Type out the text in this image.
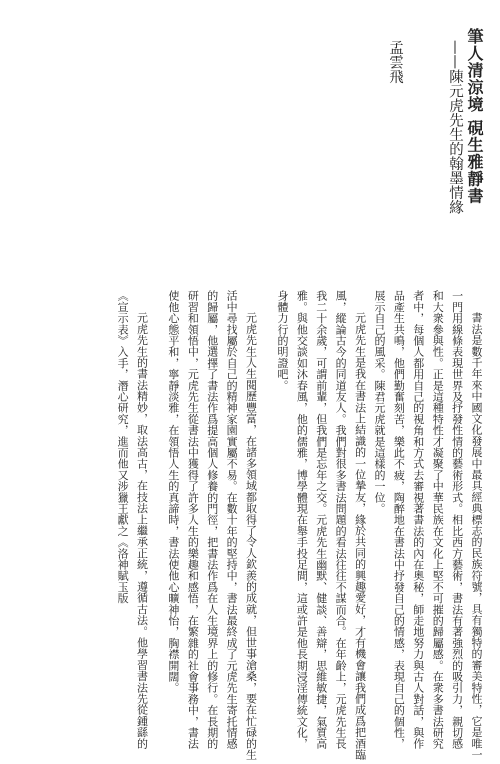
筆人清涼境 硯生雅靜書
——陳元虎先生的翰墨情緣
孟雲飛

書法是數千年來中國文化發展中最具經典標志的民族符號，具有獨特的審美特性，它是唯一一門用線條表現世界及抒發性情的藝術形式。相比西方藝術，書法有著強烈的吸引力，親切感和大衆參與性。正是這種特性才凝聚了中華民族在文化上堅不可摧的歸屬感。在衆多書法研究者中，每個人都用自己的視角和方式去審視著書法的內在奧秘，師走地努力與古人對話，與作品產生共鳴，他們勤奮刻苦，樂此不疲，陶醉地在書法中抒發自己的情感，表現自己的個性，展示自己的風采。陳君元虎就是這樣的一位。

元虎先生是我在書法上結識的一位摯友，緣於共同的興趣愛好，才有機會讓我們成爲把酒臨風，縱論古今的同道友人。我們對很多書法問題的看法往往不謀而合。在年齡上，元虎先生長我二十余歲，可謂前輩，但我們是忘年之交。元虎先生幽默、健談、善辯，思維敏捷，氣質高雅。與他交談如沐春風，他的儒雅，博學體現在舉手投足間，這或許是他長期浸淫傳統文化，身體力行的明證吧。

元虎先生人生閱歷豐富，在諸多領域都取得了令人欽羨的成就，但世事滄桑，要在忙碌的生活中尋找屬於自己的精神家園實屬不易。在數十年的堅持中，書法最終成了元虎先生寄托情感的歸屬，他選擇了書法作爲提高個人修養的門徑，把書法作爲在人生境界上的修行。在長期的研習和領悟中，元虎先生從書法中獲得了許多人生的樂趣和感悟，在繁雜的社會事務中，書法使他心態平和，寧靜淡雅，在領悟人生的真諦時，書法使他心曠神怡，胸襟開闊。

元虎先生的書法精妙，取法高古，在技法上繼承正統，遵循古法。他學習書法先從鍾繇的《宣示表》入手，潛心研究，進而他又涉獵王獻之《洛神賦玉版
